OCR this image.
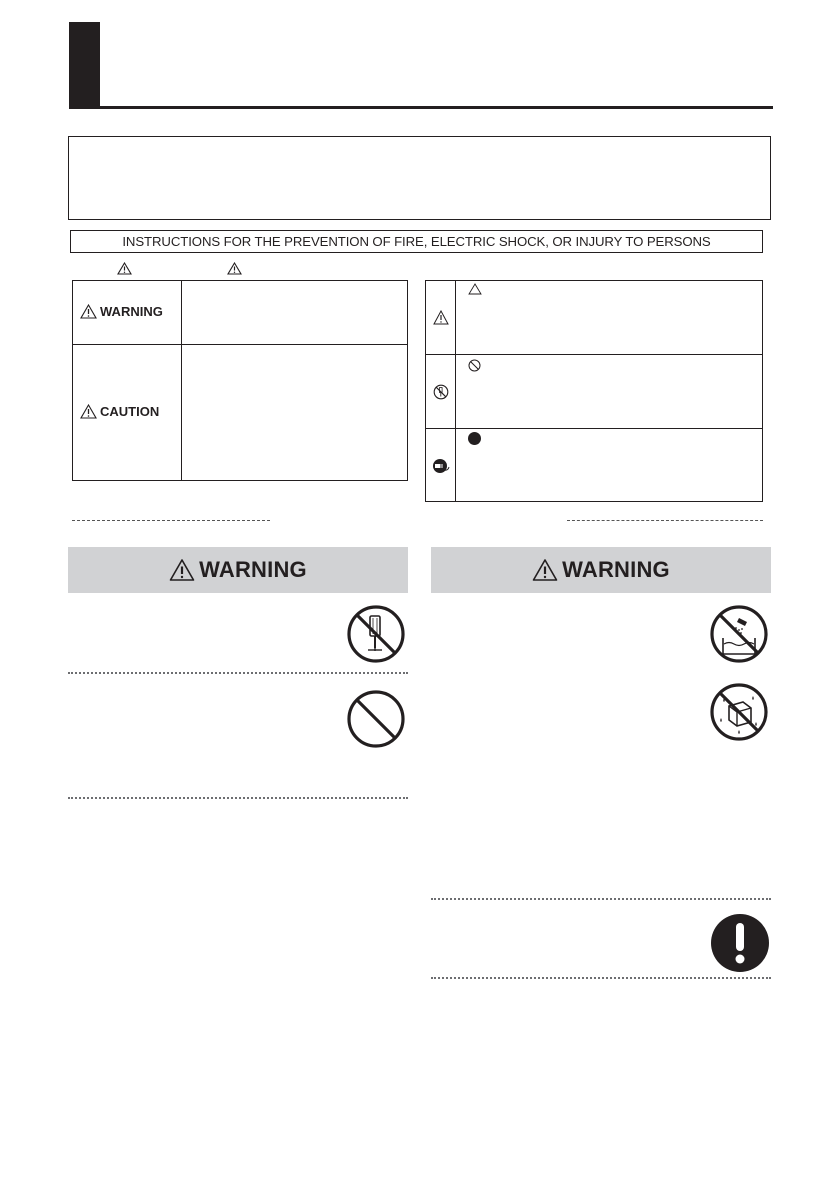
INSTRUCTIONS FOR THE PREVENTION OF FIRE, ELECTRIC SHOCK, OR INJURY TO PERSONS
WARNING
CAUTION
WARNING	WARNING
